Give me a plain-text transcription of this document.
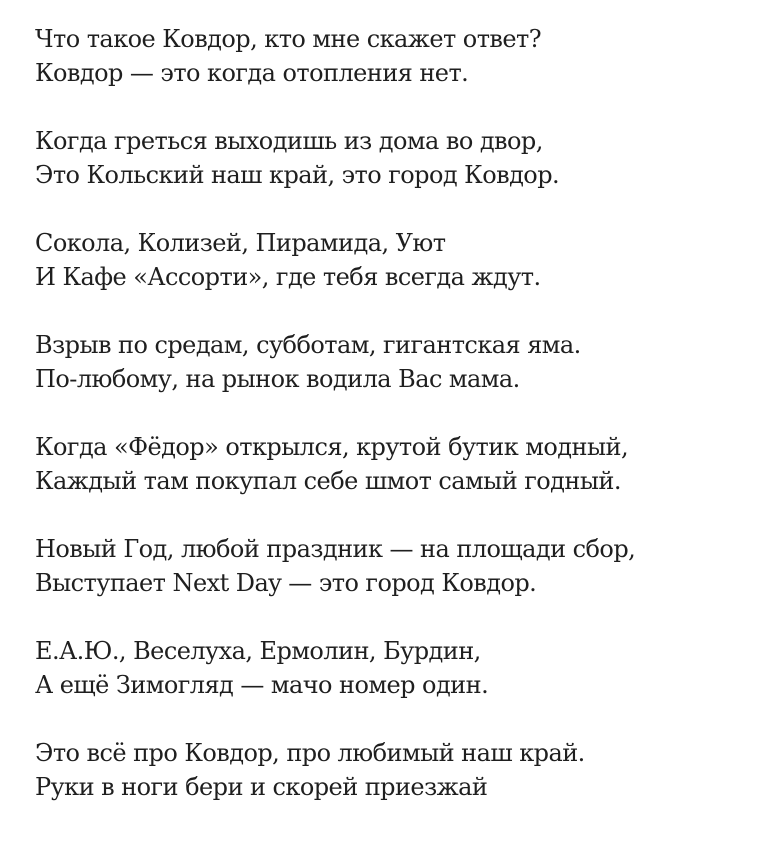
Что такое Ковдор, кто мне скажет ответ?
Ковдор — это когда отопления нет.
Когда греться выходишь из дома во двор,
Это Кольский наш край, это город Ковдор.
Сокола, Колизей, Пирамида, Уют
И Кафе «Ассорти», где тебя всегда ждут.
Взрыв по средам, субботам, гигантская яма.
По-любому, на рынок водила Вас мама.
Когда «Фёдор» открылся, крутой бутик модный,
Каждый там покупал себе шмот самый годный.
Новый Год, любой праздник — на площади сбор,
Выступает Next Day — это город Ковдор.
Е.А.Ю., Веселуха, Ермолин, Бурдин,
А ещё Зимогляд — мачо номер один.
Это всё про Ковдор, про любимый наш край.
Руки в ноги бери и скорей приезжай
